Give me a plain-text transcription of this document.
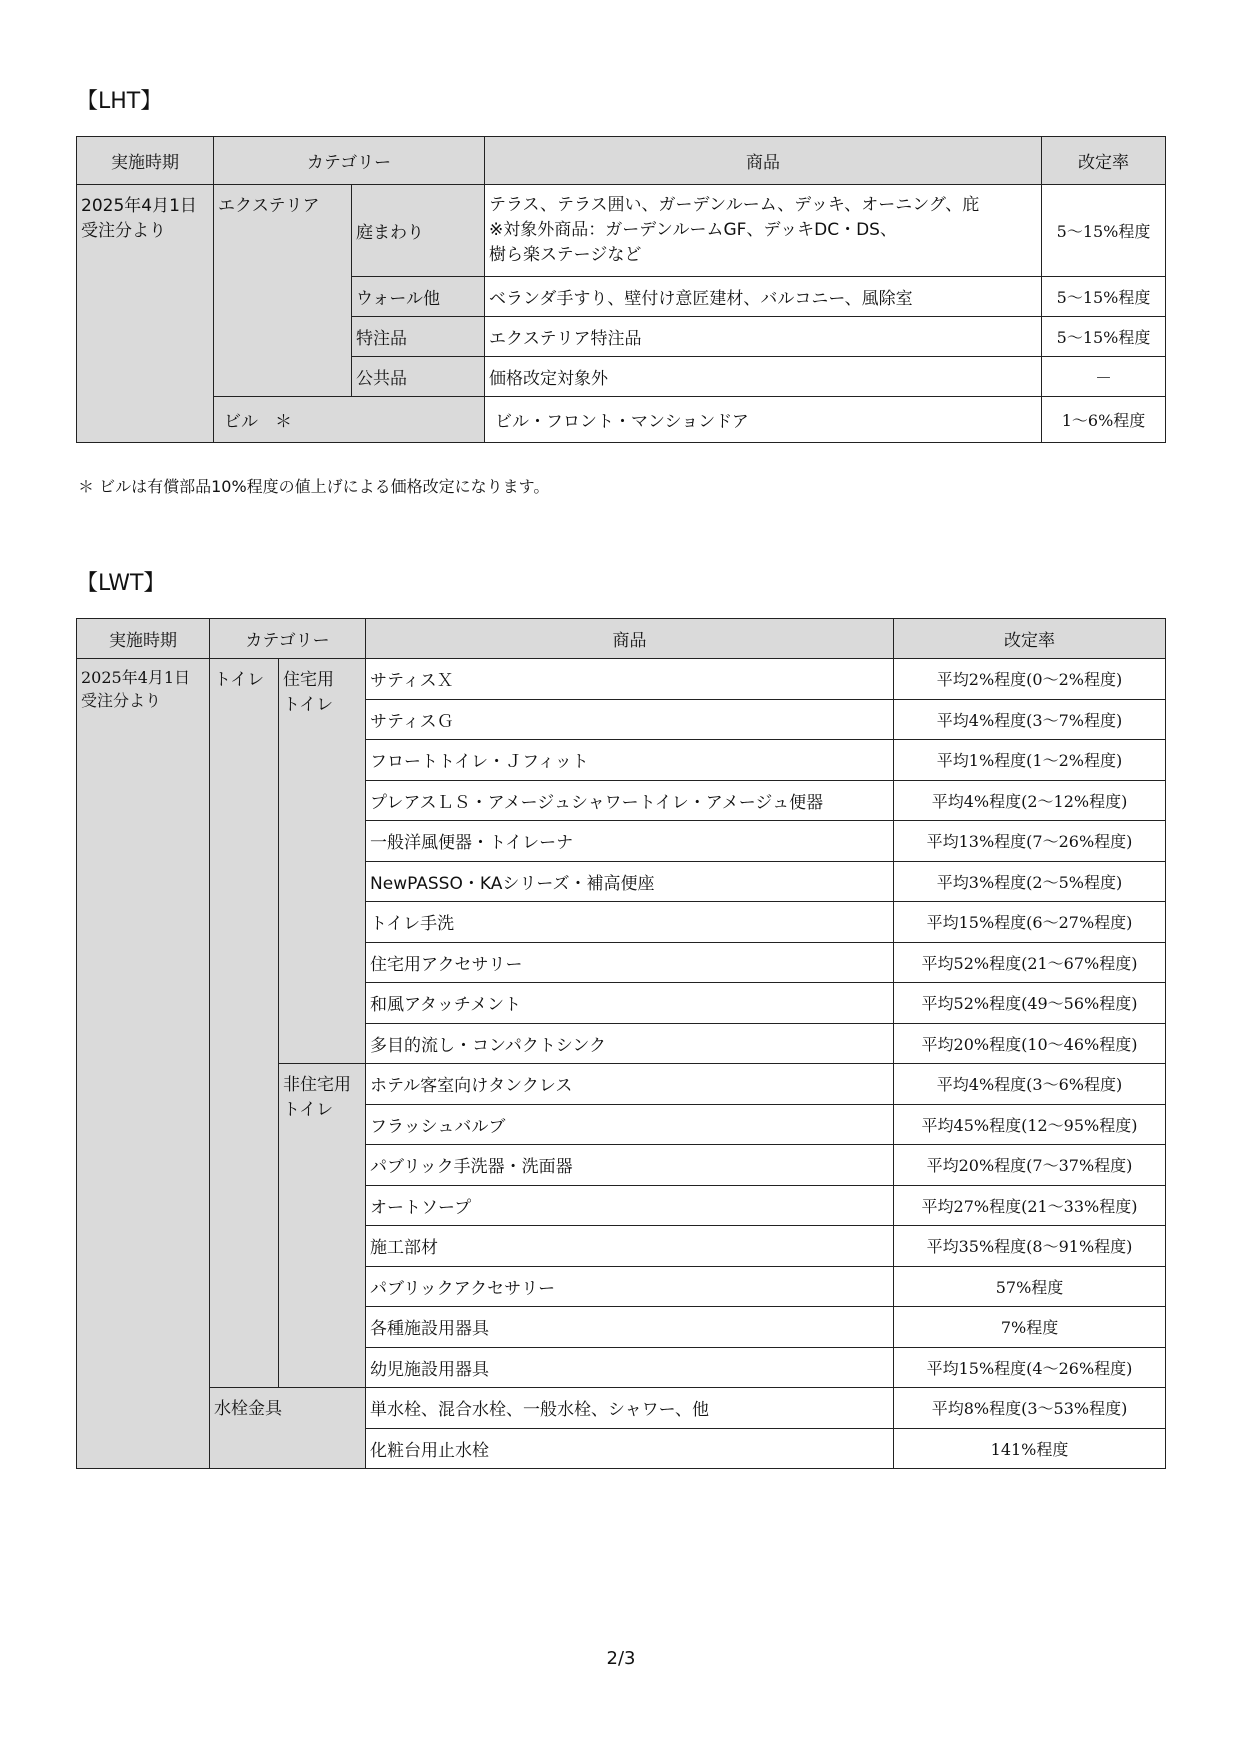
【LHT】
実施時期	カテゴリー		商品	改定率
2025年4月1日
受注分より	エクステリア	庭まわり	テラス、テラス囲い、ガーデンルーム、デッキ、オーニング、庇
※対象外商品：ガーデンルームGF、デッキDC・DS、
樹ら楽ステージなど	5～15%程度
		ウォール他	ベランダ手すり、壁付け意匠建材、バルコニー、風除室	5～15%程度
		特注品	エクステリア特注品	5～15%程度
		公共品	価格改定対象外	－
	ビル　＊		ビル・フロント・マンションドア	1～6%程度
＊ ビルは有償部品10%程度の値上げによる価格改定になります。
【LWT】
実施時期	カテゴリー		商品	改定率
2025年4月1日
受注分より	トイレ	住宅用
トイレ	サティスＸ	平均2%程度(0～2%程度)
			サティスＧ	平均4%程度(3～7%程度)
			フロートトイレ・Ｊフィット	平均1%程度(1～2%程度)
			プレアスＬＳ・アメージュシャワートイレ・アメージュ便器	平均4%程度(2～12%程度)
			一般洋風便器・トイレーナ	平均13%程度(7～26%程度)
			NewPASSO・KAシリーズ・補高便座	平均3%程度(2～5%程度)
			トイレ手洗	平均15%程度(6～27%程度)
			住宅用アクセサリー	平均52%程度(21～67%程度)
			和風アタッチメント	平均52%程度(49～56%程度)
			多目的流し・コンパクトシンク	平均20%程度(10～46%程度)
		非住宅用
トイレ	ホテル客室向けタンクレス	平均4%程度(3～6%程度)
			フラッシュバルブ	平均45%程度(12～95%程度)
			パブリック手洗器・洗面器	平均20%程度(7～37%程度)
			オートソープ	平均27%程度(21～33%程度)
			施工部材	平均35%程度(8～91%程度)
			パブリックアクセサリー	57%程度
			各種施設用器具	7%程度
			幼児施設用器具	平均15%程度(4～26%程度)
	水栓金具		単水栓、混合水栓、一般水栓、シャワー、他	平均8%程度(3～53%程度)
			化粧台用止水栓	141%程度
2/3
